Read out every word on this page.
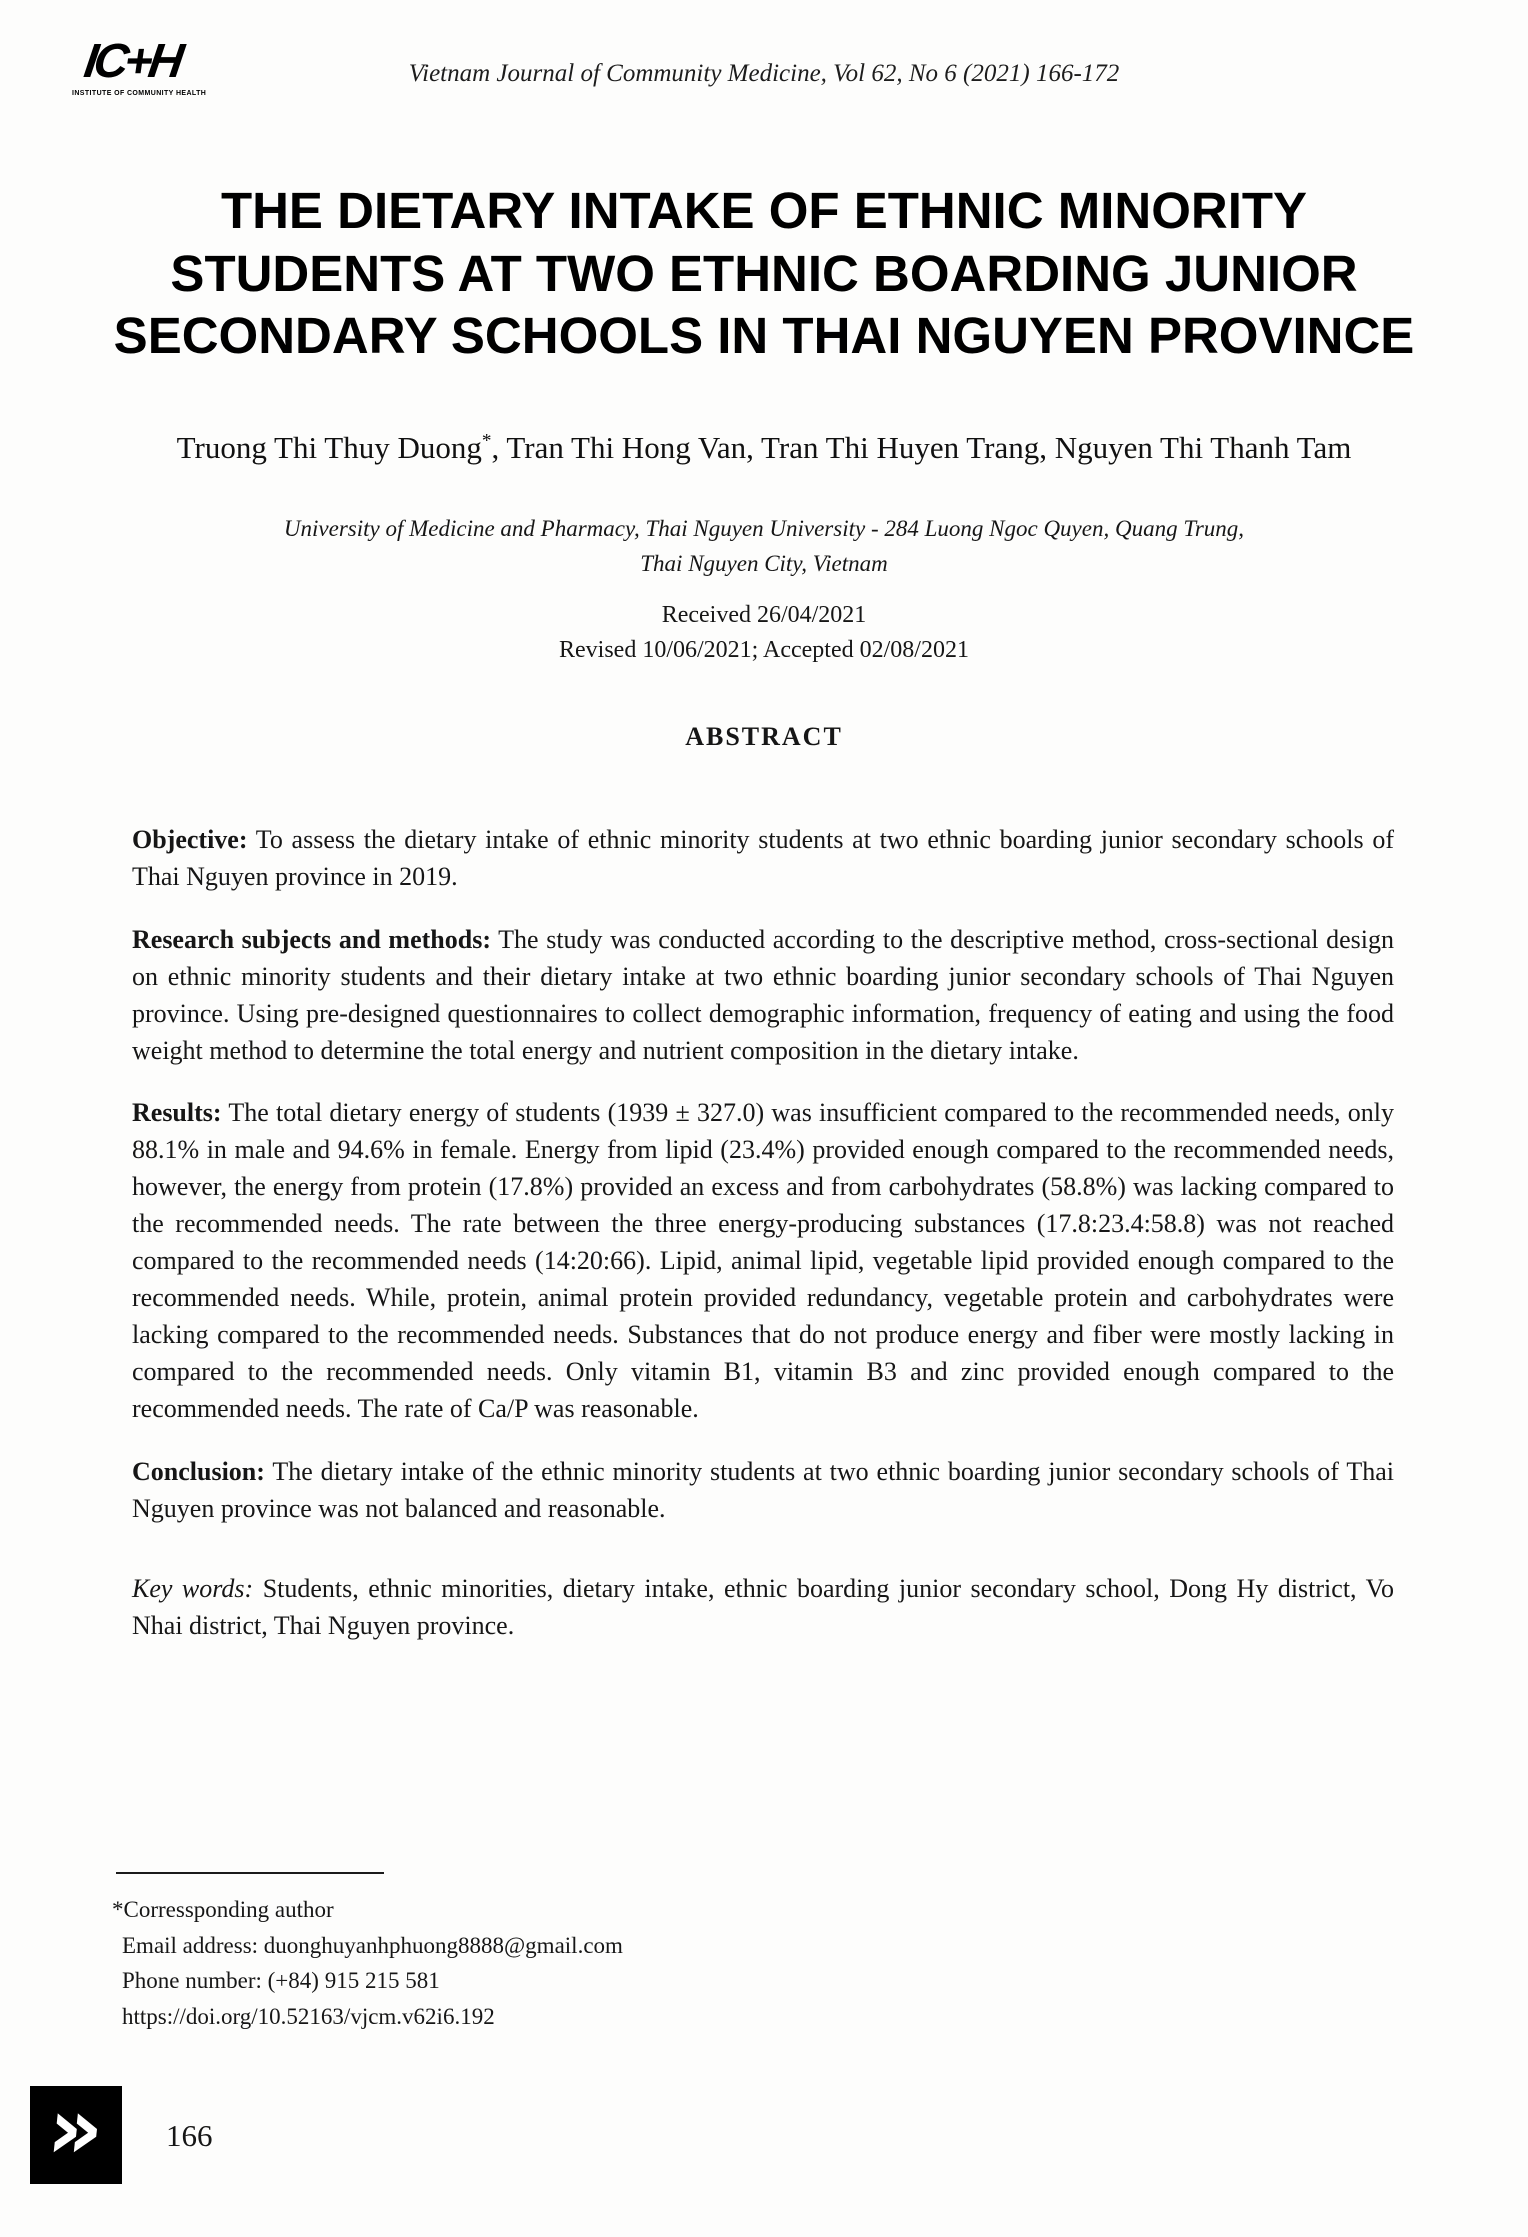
IC+H
INSTITUTE OF COMMUNITY HEALTH
Vietnam Journal of Community Medicine, Vol 62, No 6 (2021) 166-172
THE DIETARY INTAKE OF ETHNIC MINORITY
STUDENTS AT TWO ETHNIC BOARDING JUNIOR
SECONDARY SCHOOLS IN THAI NGUYEN PROVINCE
Truong Thi Thuy Duong*, Tran Thi Hong Van, Tran Thi Huyen Trang, Nguyen Thi Thanh Tam
University of Medicine and Pharmacy, Thai Nguyen University - 284 Luong Ngoc Quyen, Quang Trung,
Thai Nguyen City, Vietnam
Received 26/04/2021
Revised 10/06/2021; Accepted 02/08/2021
ABSTRACT

Objective: To assess the dietary intake of ethnic minority students at two ethnic boarding junior secondary schools of Thai Nguyen province in 2019.

Research subjects and methods: The study was conducted according to the descriptive method, cross-sectional design on ethnic minority students and their dietary intake at two ethnic boarding junior secondary schools of Thai Nguyen province. Using pre-designed questionnaires to collect demographic information, frequency of eating and using the food weight method to determine the total energy and nutrient composition in the dietary intake.

Results: The total dietary energy of students (1939 ± 327.0) was insufficient compared to the recommended needs, only 88.1% in male and 94.6% in female. Energy from lipid (23.4%) provided enough compared to the recommended needs, however, the energy from protein (17.8%) provided an excess and from carbohydrates (58.8%) was lacking compared to the recommended needs. The rate between the three energy-producing substances (17.8:23.4:58.8) was not reached compared to the recommended needs (14:20:66). Lipid, animal lipid, vegetable lipid provided enough compared to the recommended needs. While, protein, animal protein provided redundancy, vegetable protein and carbohydrates were lacking compared to the recommended needs. Substances that do not produce energy and fiber were mostly lacking in compared to the recommended needs. Only vitamin B1, vitamin B3 and zinc provided enough compared to the recommended needs. The rate of Ca/P was reasonable.

Conclusion: The dietary intake of the ethnic minority students at two ethnic boarding junior secondary schools of Thai Nguyen province was not balanced and reasonable.

Key words: Students, ethnic minorities, dietary intake, ethnic boarding junior secondary school, Dong Hy district, Vo Nhai district, Thai Nguyen province.

*Corressponding author
Email address: duonghuyanhphuong8888@gmail.com
Phone number: (+84) 915 215 581
https://doi.org/10.52163/vjcm.v62i6.192
» 166
